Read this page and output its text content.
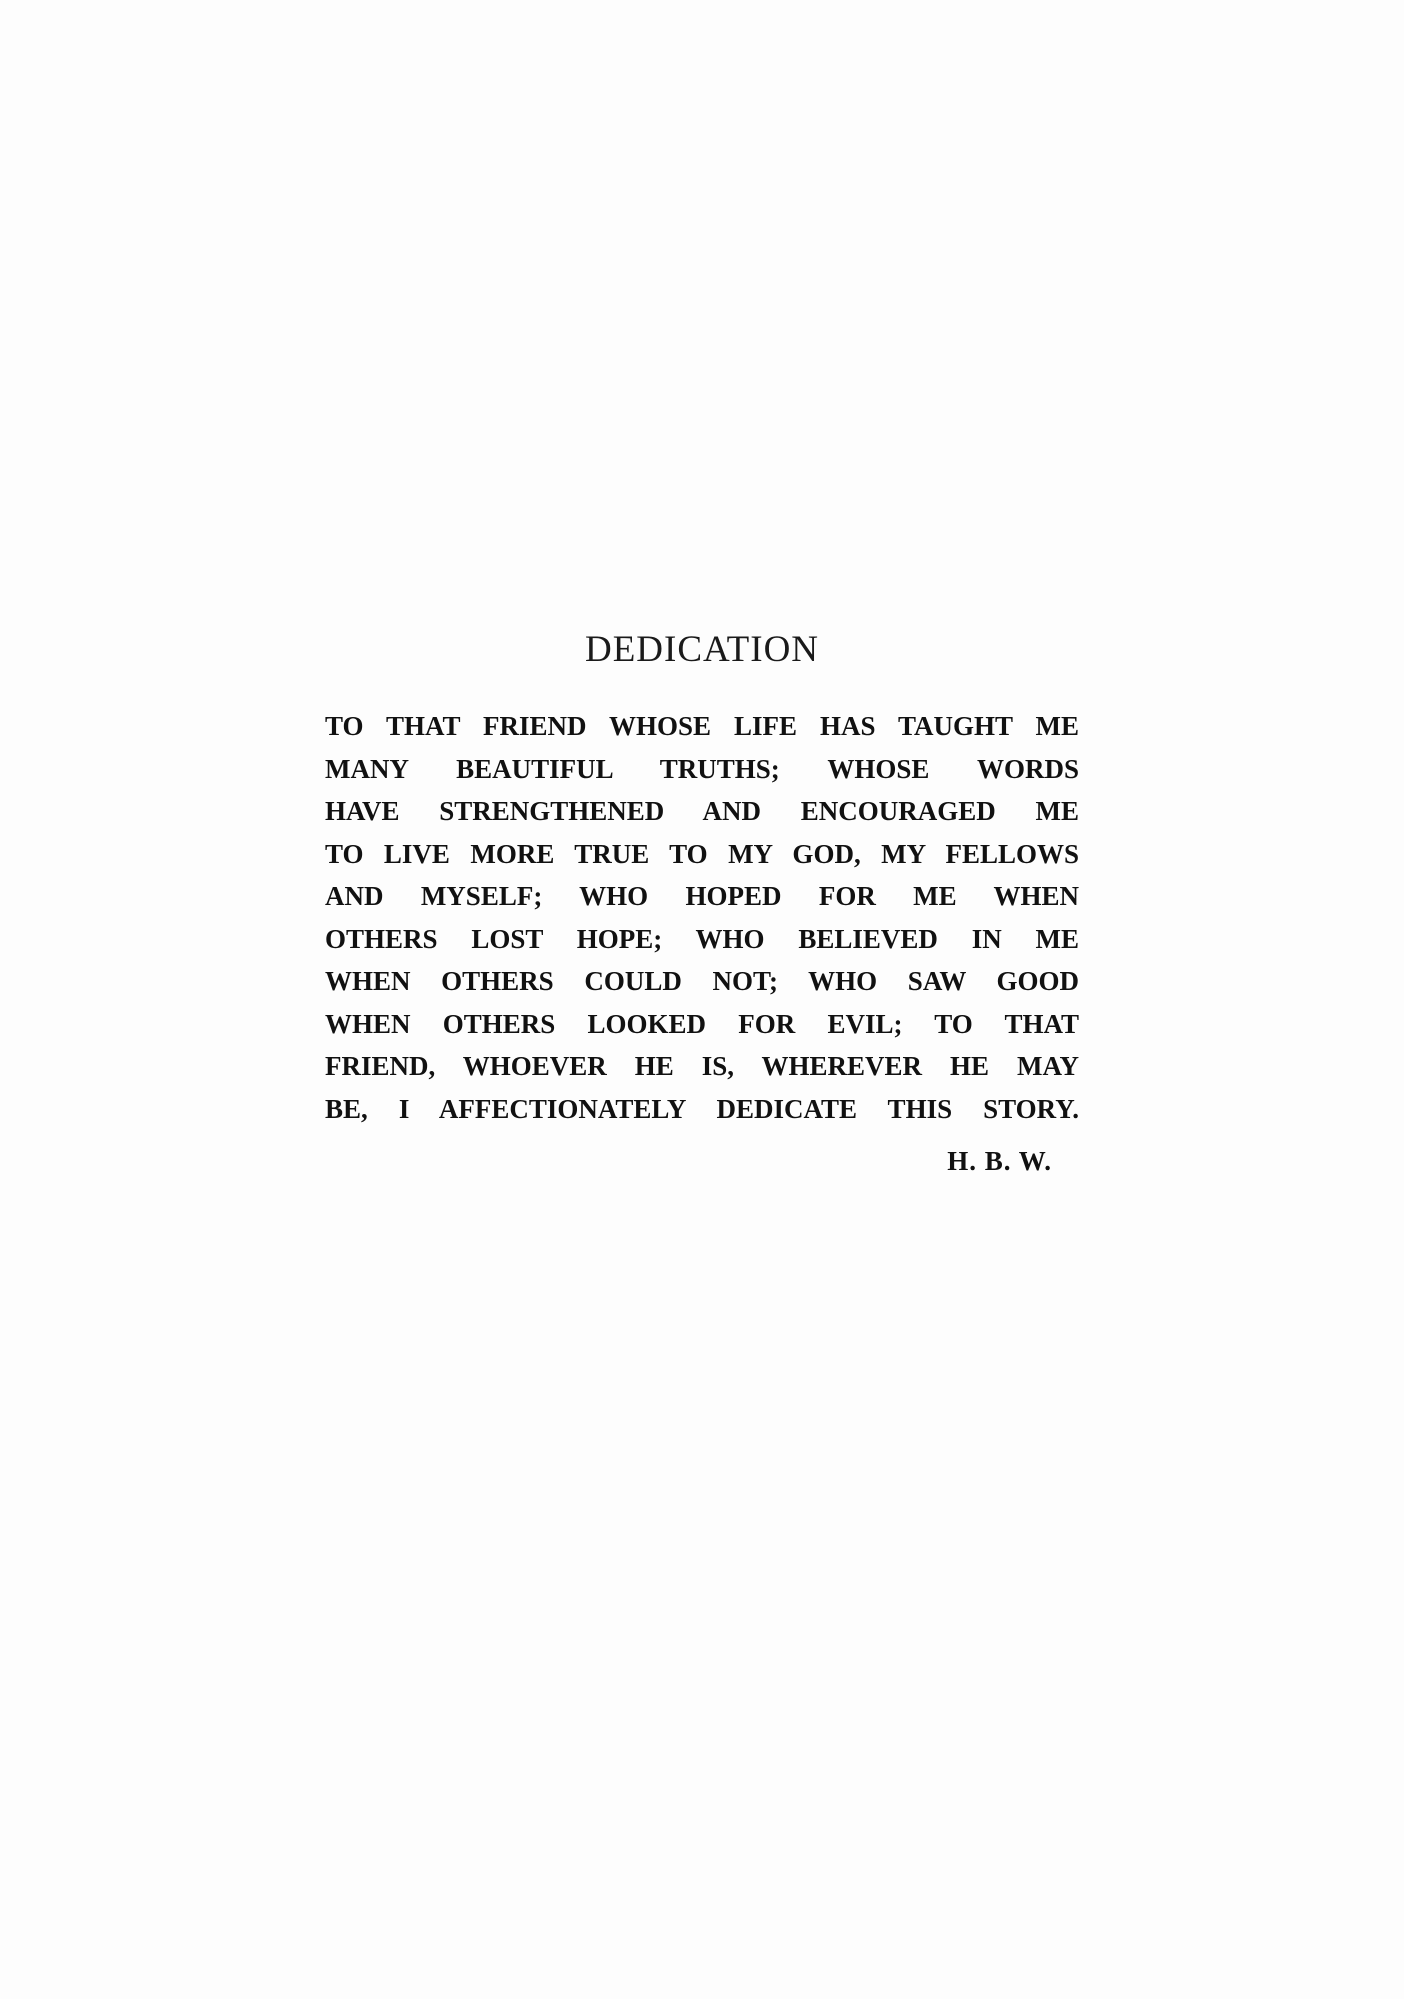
DEDICATION
TO THAT FRIEND WHOSE LIFE HAS TAUGHT ME
MANY BEAUTIFUL TRUTHS; WHOSE WORDS
HAVE STRENGTHENED AND ENCOURAGED ME
TO LIVE MORE TRUE TO MY GOD, MY FELLOWS
AND MYSELF; WHO HOPED FOR ME WHEN
OTHERS LOST HOPE; WHO BELIEVED IN ME
WHEN OTHERS COULD NOT; WHO SAW GOOD
WHEN OTHERS LOOKED FOR EVIL; TO THAT
FRIEND, WHOEVER HE IS, WHEREVER HE MAY
BE, I AFFECTIONATELY DEDICATE THIS STORY.
H. B. W.
